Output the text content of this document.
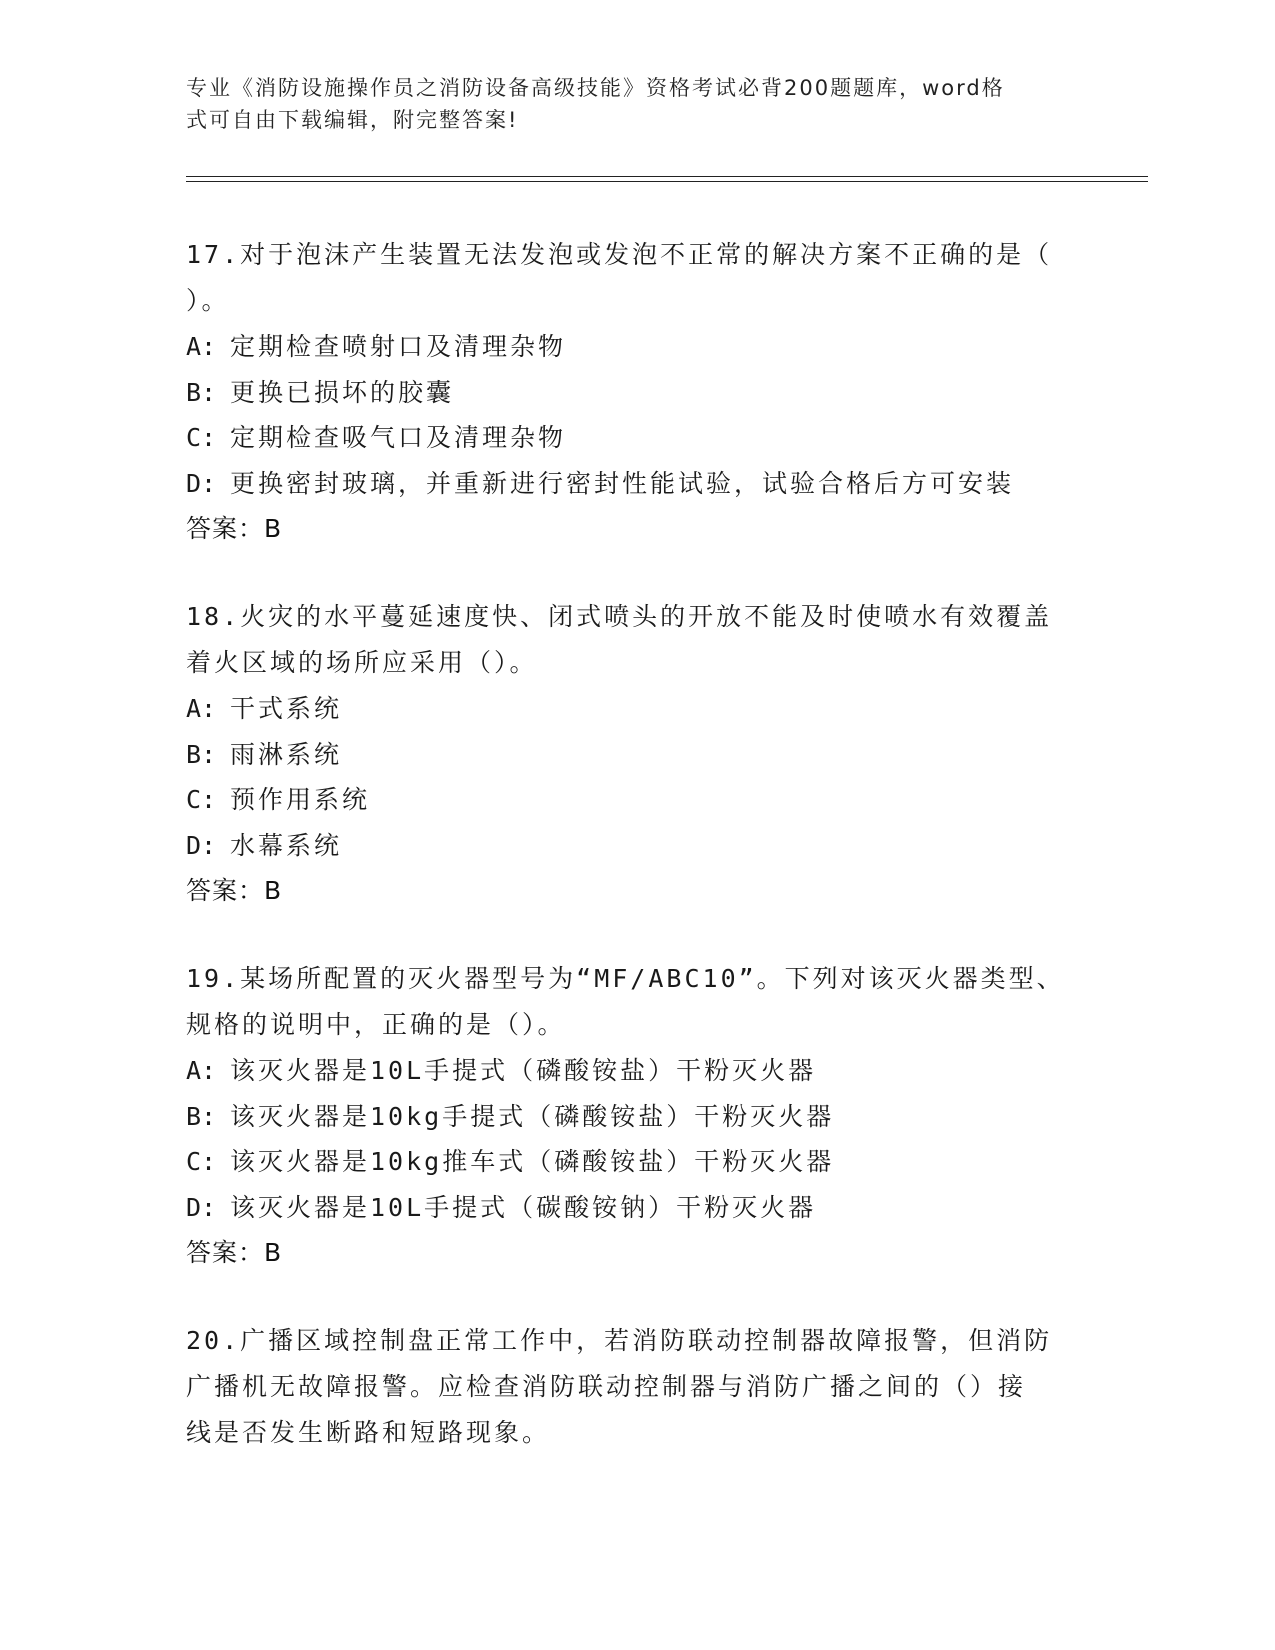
专业《消防设施操作员之消防设备高级技能》资格考试必背200题题库，word格
式可自由下载编辑，附完整答案!

17.对于泡沫产生装置无法发泡或发泡不正常的解决方案不正确的是（

）。

A: 定期检查喷射口及清理杂物

B: 更换已损坏的胶囊

C: 定期检查吸气口及清理杂物

D: 更换密封玻璃，并重新进行密封性能试验，试验合格后方可安装

答案：B

18.火灾的水平蔓延速度快、闭式喷头的开放不能及时使喷水有效覆盖

着火区域的场所应采用（）。

A: 干式系统

B: 雨淋系统

C: 预作用系统

D: 水幕系统

答案：B

19.某场所配置的灭火器型号为“MF/ABC10”。下列对该灭火器类型、

规格的说明中，正确的是（）。

A: 该灭火器是10L手提式（磷酸铵盐）干粉灭火器

B: 该灭火器是10kg手提式（磷酸铵盐）干粉灭火器

C: 该灭火器是10kg推车式（磷酸铵盐）干粉灭火器

D: 该灭火器是10L手提式（碳酸铵钠）干粉灭火器

答案：B

20.广播区域控制盘正常工作中，若消防联动控制器故障报警，但消防

广播机无故障报警。应检查消防联动控制器与消防广播之间的（）接

线是否发生断路和短路现象。
